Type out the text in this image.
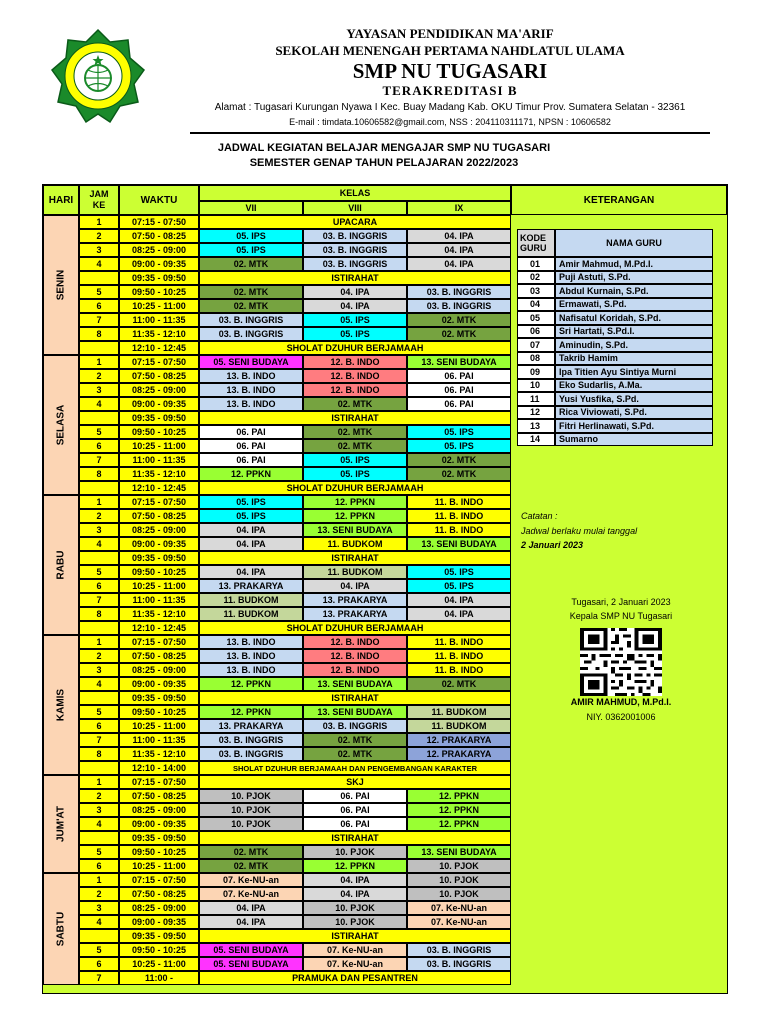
YAYASAN PENDIDIKAN MA'ARIF
SEKOLAH MENENGAH PERTAMA NAHDLATUL ULAMA
SMP NU TUGASARI
TERAKREDITASI B
Alamat : Tugasari Kurungan Nyawa I Kec. Buay Madang Kab. OKU Timur Prov. Sumatera Selatan - 32361
E-mail : timdata.10606582@gmail.com, NSS : 204110311171, NPSN : 10606582
JADWAL KEGIATAN BELAJAR MENGAJAR SMP NU TUGASARI
SEMESTER GENAP TAHUN PELAJARAN 2022/2023
HARI
JAM KE	WAKTU
KELAS
VII	VIII	IX
KETERANGAN
KODE GURU	NAMA GURU
01	Amir Mahmud, M.Pd.I.
02	Puji Astuti, S.Pd.
03	Abdul Kurnain, S.Pd.
04	Ermawati, S.Pd.
05	Nafisatul Koridah, S.Pd.
06	Sri Hartati, S.Pd.I.
07	Aminudin, S.Pd.
08	Takrib Hamim
09	Ipa Titien Ayu Sintiya Murni
10	Eko Sudarlis, A.Ma.
11	Yusi Yusfika, S.Pd.
12	Rica Viviowati, S.Pd.
13	Fitri Herlinawati, S.Pd.
14	Sumarno
Catatan :
Jadwal berlaku mulai tanggal
2 Januari 2023
Tugasari, 2 Januari 2023
Kepala SMP NU Tugasari
AMIR MAHMUD, M.Pd.I.
NIY. 0362001006
SENIN
1	07:15 - 07:50	UPACARA
2	07:50 - 08:25	05. IPS	03. B. INGGRIS	04. IPA
3	08:25 - 09:00	05. IPS	03. B. INGGRIS	04. IPA
4	09:00 - 09:35	02. MTK	03. B. INGGRIS	04. IPA
09:35 - 09:50	ISTIRAHAT
5	09:50 - 10:25	02. MTK	04. IPA	03. B. INGGRIS
6	10:25 - 11:00	02. MTK	04. IPA	03. B. INGGRIS
7	11:00 - 11:35	03. B. INGGRIS	05. IPS	02. MTK
8	11:35 - 12:10	03. B. INGGRIS	05. IPS	02. MTK
12:10 - 12:45	SHOLAT DZUHUR BERJAMAAH
SELASA
1	07:15 - 07:50	05. SENI BUDAYA	12. B. INDO	13. SENI BUDAYA
2	07:50 - 08:25	13. B. INDO	12. B. INDO	06. PAI
3	08:25 - 09:00	13. B. INDO	12. B. INDO	06. PAI
4	09:00 - 09:35	13. B. INDO	02. MTK	06. PAI
09:35 - 09:50	ISTIRAHAT
5	09:50 - 10:25	06. PAI	02. MTK	05. IPS
6	10:25 - 11:00	06. PAI	02. MTK	05. IPS
7	11:00 - 11:35	06. PAI	05. IPS	02. MTK
8	11:35 - 12:10	12. PPKN	05. IPS	02. MTK
12:10 - 12:45	SHOLAT DZUHUR BERJAMAAH
RABU
1	07:15 - 07:50	05. IPS	12. PPKN	11. B. INDO
2	07:50 - 08:25	05. IPS	12. PPKN	11. B. INDO
3	08:25 - 09:00	04. IPA	13. SENI BUDAYA	11. B. INDO
4	09:00 - 09:35	04. IPA	11. BUDKOM	13. SENI BUDAYA
09:35 - 09:50	ISTIRAHAT
5	09:50 - 10:25	04. IPA	11. BUDKOM	05. IPS
6	10:25 - 11:00	13. PRAKARYA	04. IPA	05. IPS
7	11:00 - 11:35	11. BUDKOM	13. PRAKARYA	04. IPA
8	11:35 - 12:10	11. BUDKOM	13. PRAKARYA	04. IPA
12:10 - 12:45	SHOLAT DZUHUR BERJAMAAH
KAMIS
1	07:15 - 07:50	13. B. INDO	12. B. INDO	11. B. INDO
2	07:50 - 08:25	13. B. INDO	12. B. INDO	11. B. INDO
3	08:25 - 09:00	13. B. INDO	12. B. INDO	11. B. INDO
4	09:00 - 09:35	12. PPKN	13. SENI BUDAYA	02. MTK
09:35 - 09:50	ISTIRAHAT
5	09:50 - 10:25	12. PPKN	13. SENI BUDAYA	11. BUDKOM
6	10:25 - 11:00	13. PRAKARYA	03. B. INGGRIS	11. BUDKOM
7	11:00 - 11:35	03. B. INGGRIS	02. MTK	12. PRAKARYA
8	11:35 - 12:10	03. B. INGGRIS	02. MTK	12. PRAKARYA
12:10 - 14:00	SHOLAT DZUHUR BERJAMAAH DAN PENGEMBANGAN KARAKTER
JUM'AT
1	07:15 - 07:50	SKJ
2	07:50 - 08:25	10. PJOK	06. PAI	12. PPKN
3	08:25 - 09:00	10. PJOK	06. PAI	12. PPKN
4	09:00 - 09:35	10. PJOK	06. PAI	12. PPKN
09:35 - 09:50	ISTIRAHAT
5	09:50 - 10:25	02. MTK	10. PJOK	13. SENI BUDAYA
6	10:25 - 11:00	02. MTK	12. PPKN	10. PJOK
SABTU
1	07:15 - 07:50	07. Ke-NU-an	04. IPA	10. PJOK
2	07:50 - 08:25	07. Ke-NU-an	04. IPA	10. PJOK
3	08:25 - 09:00	04. IPA	10. PJOK	07. Ke-NU-an
4	09:00 - 09:35	04. IPA	10. PJOK	07. Ke-NU-an
09:35 - 09:50	ISTIRAHAT
5	09:50 - 10:25	05. SENI BUDAYA	07. Ke-NU-an	03. B. INGGRIS
6	10:25 - 11:00	05. SENI BUDAYA	07. Ke-NU-an	03. B. INGGRIS
7	11:00 -	PRAMUKA DAN PESANTREN
